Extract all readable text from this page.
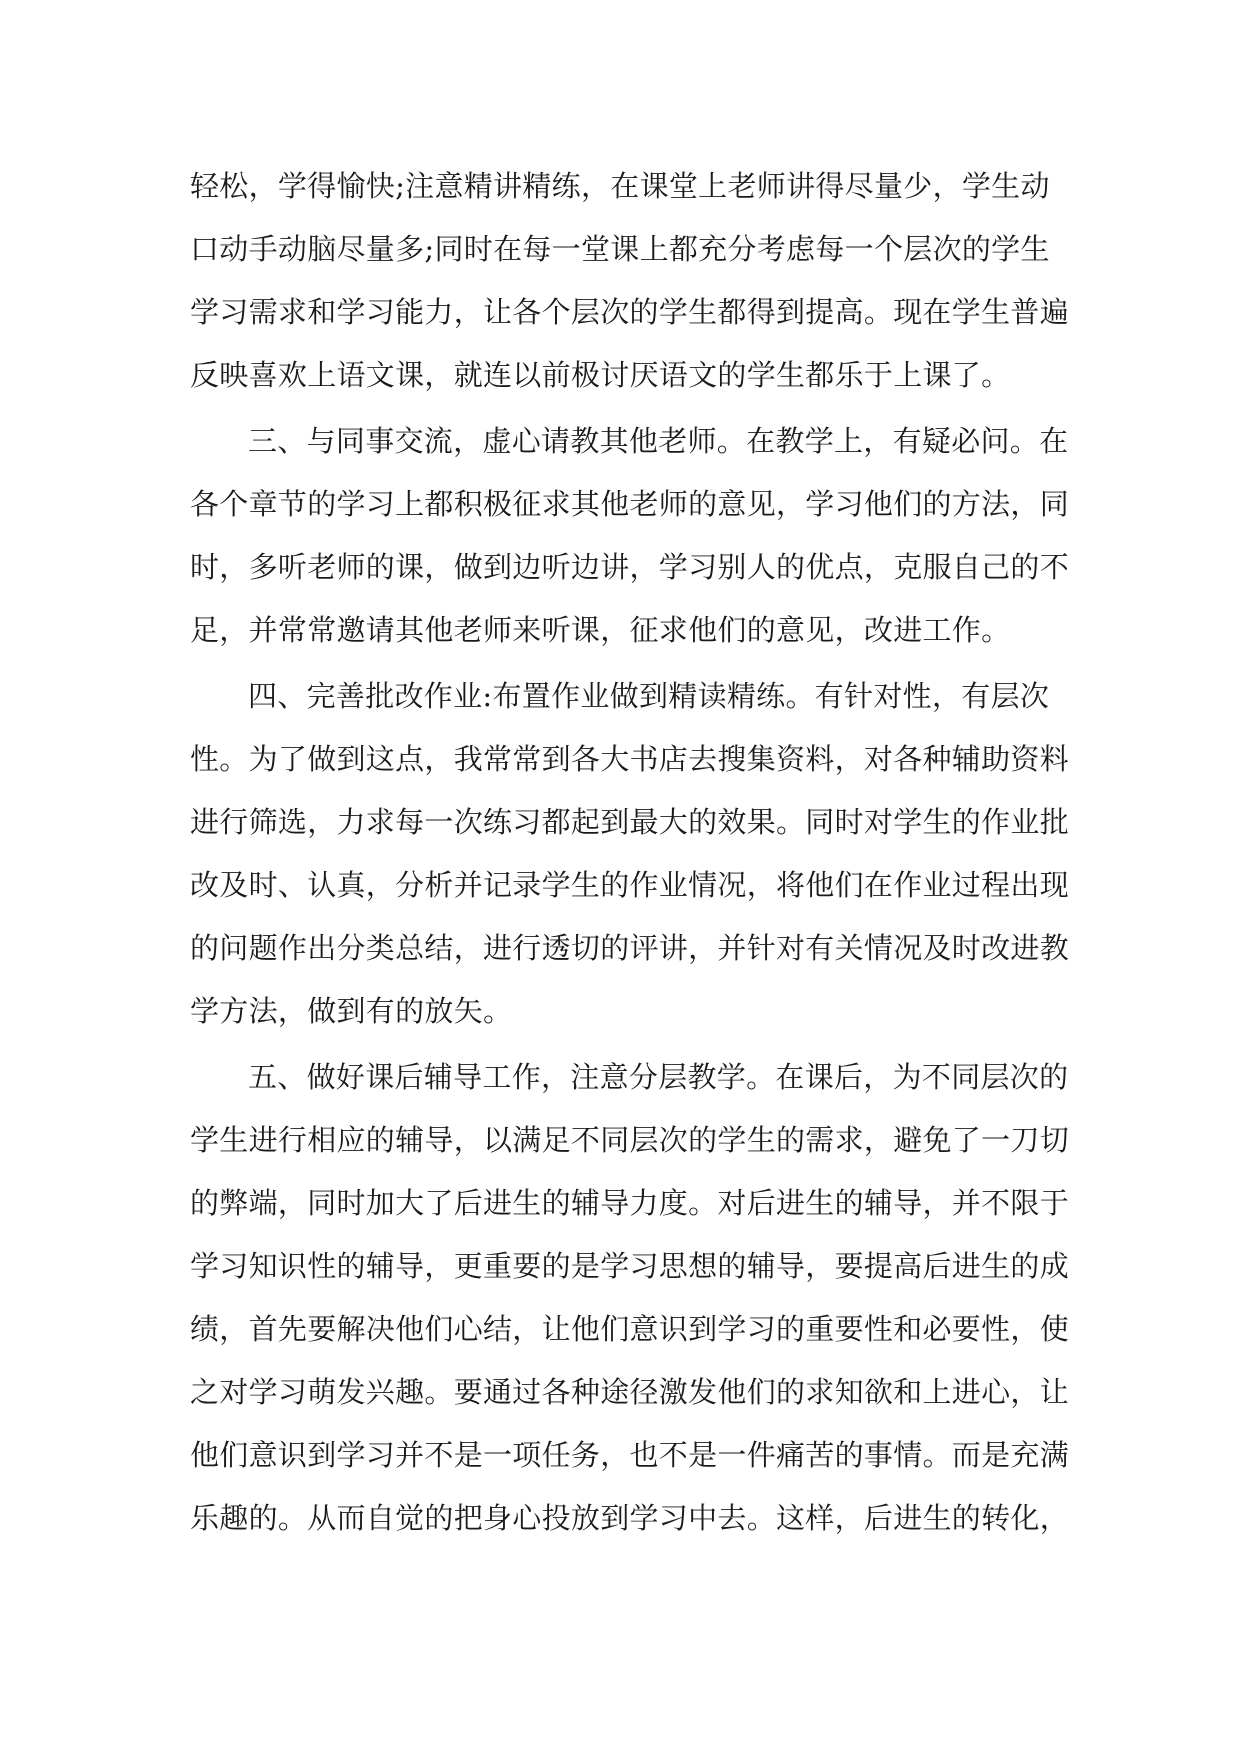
轻松，学得愉快;注意精讲精练，在课堂上老师讲得尽量少，学生动
口动手动脑尽量多;同时在每一堂课上都充分考虑每一个层次的学生
学习需求和学习能力，让各个层次的学生都得到提高。现在学生普遍
反映喜欢上语文课，就连以前极讨厌语文的学生都乐于上课了。
三、与同事交流，虚心请教其他老师。在教学上，有疑必问。在
各个章节的学习上都积极征求其他老师的意见，学习他们的方法，同
时，多听老师的课，做到边听边讲，学习别人的优点，克服自己的不
足，并常常邀请其他老师来听课，征求他们的意见，改进工作。
四、完善批改作业:布置作业做到精读精练。有针对性，有层次
性。为了做到这点，我常常到各大书店去搜集资料，对各种辅助资料
进行筛选，力求每一次练习都起到最大的效果。同时对学生的作业批
改及时、认真，分析并记录学生的作业情况，将他们在作业过程出现
的问题作出分类总结，进行透切的评讲，并针对有关情况及时改进教
学方法，做到有的放矢。
五、做好课后辅导工作，注意分层教学。在课后，为不同层次的
学生进行相应的辅导，以满足不同层次的学生的需求，避免了一刀切
的弊端，同时加大了后进生的辅导力度。对后进生的辅导，并不限于
学习知识性的辅导，更重要的是学习思想的辅导，要提高后进生的成
绩，首先要解决他们心结，让他们意识到学习的重要性和必要性，使
之对学习萌发兴趣。要通过各种途径激发他们的求知欲和上进心，让
他们意识到学习并不是一项任务，也不是一件痛苦的事情。而是充满
乐趣的。从而自觉的把身心投放到学习中去。这样，后进生的转化，
